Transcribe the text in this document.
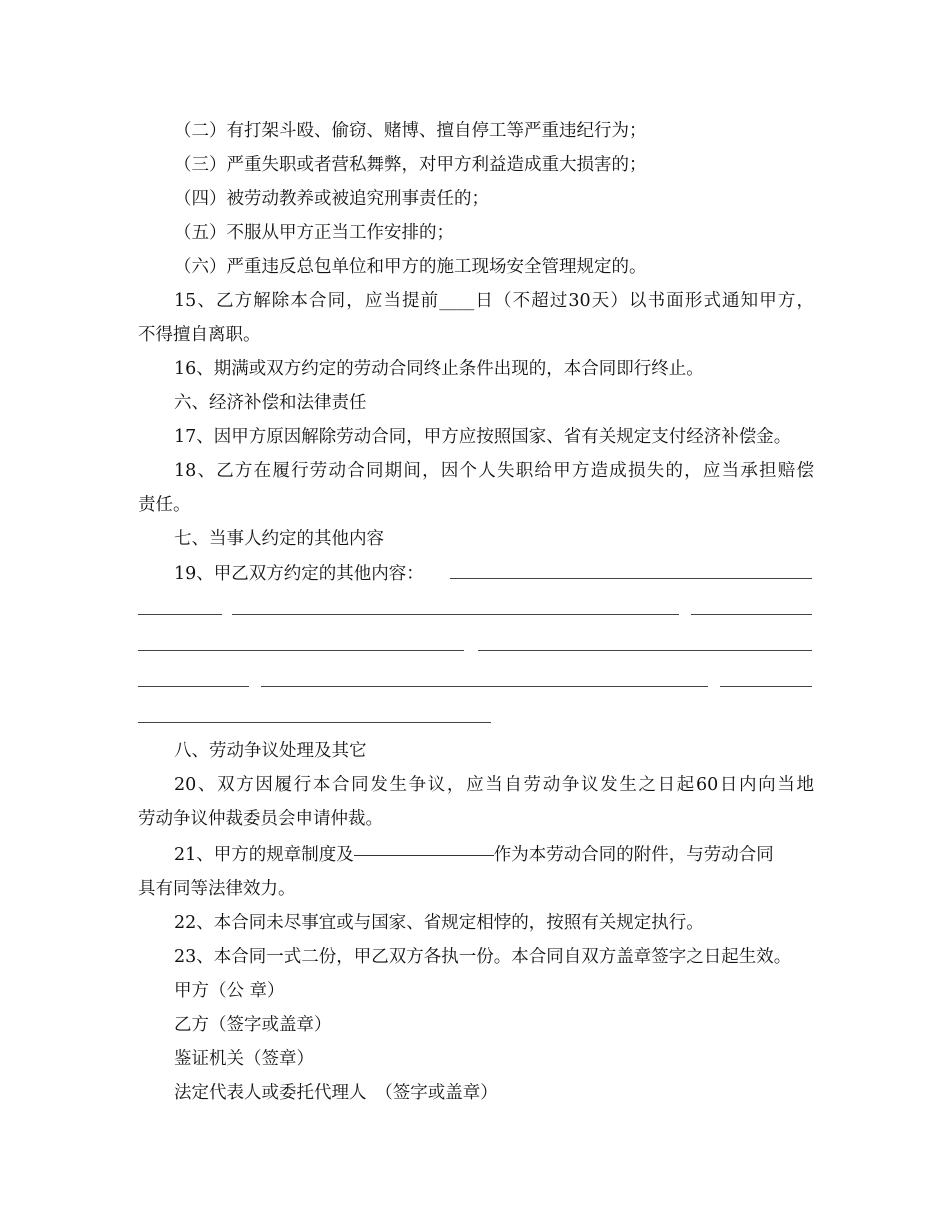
（二）有打架斗殴、偷窃、赌博、擅自停工等严重违纪行为；
（三）严重失职或者营私舞弊，对甲方利益造成重大损害的；
（四）被劳动教养或被追究刑事责任的；
（五）不服从甲方正当工作安排的；
（六）严重违反总包单位和甲方的施工现场安全管理规定的。
15、乙方解除本合同，应当提前____日（不超过30天）以书面形式通知甲方，
不得擅自离职。
16、期满或双方约定的劳动合同终止条件出现的，本合同即行终止。
六、经济补偿和法律责任
17、因甲方原因解除劳动合同，甲方应按照国家、省有关规定支付经济补偿金。
18、乙方在履行劳动合同期间，因个人失职给甲方造成损失的，应当承担赔偿
责任。
七、当事人约定的其他内容
19、甲乙双方约定的其他内容：
八、劳动争议处理及其它
20、双方因履行本合同发生争议，应当自劳动争议发生之日起60日内向当地
劳动争议仲裁委员会申请仲裁。
21、甲方的规章制度及	作为本劳动合同的附件，与劳动合同
具有同等法律效力。
22、本合同未尽事宜或与国家、省规定相悖的，按照有关规定执行。
23、本合同一式二份，甲乙双方各执一份。本合同自双方盖章签字之日起生效。
甲方（公 章）
乙方（签字或盖章）
鉴证机关（签章）
法定代表人或委托代理人　（签字或盖章）
